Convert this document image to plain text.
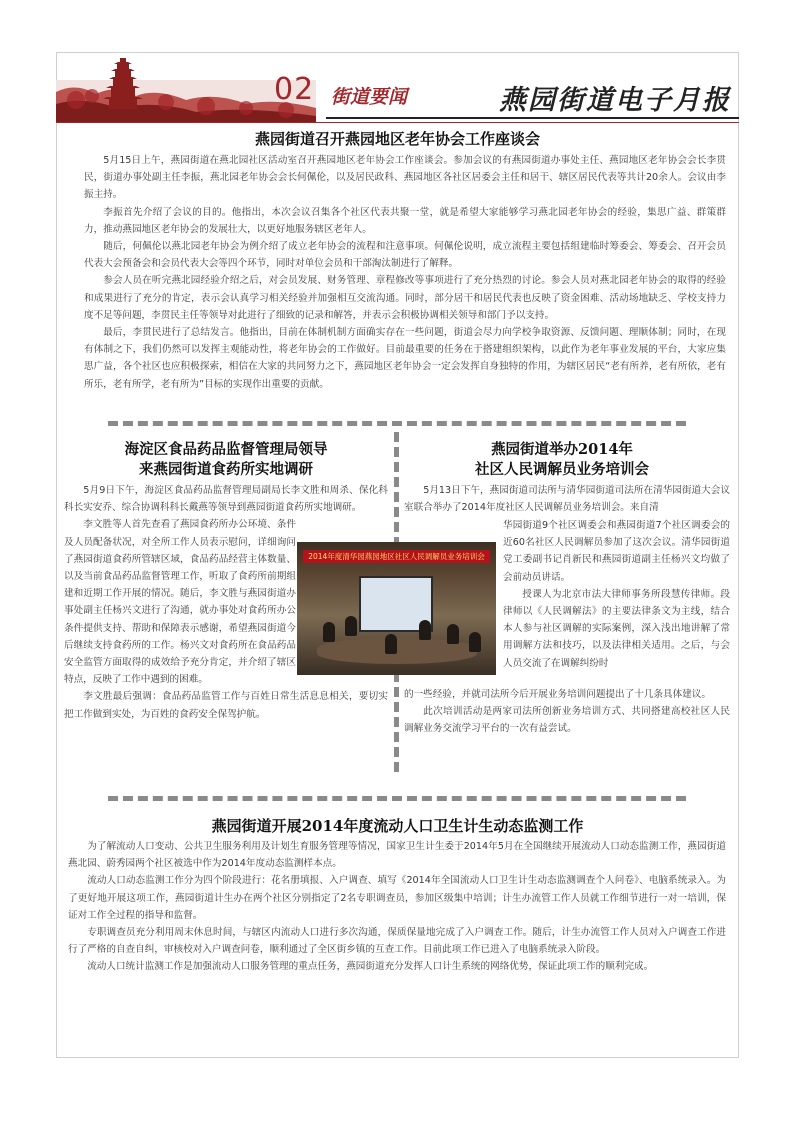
02 街道要闻	燕园街道电子月报
燕园街道召开燕园地区老年协会工作座谈会

5月15日上午，燕园街道在燕北园社区活动室召开燕园地区老年协会工作座谈会。参加会议的有燕园街道办事处主任、燕园地区老年协会会长李贯民，街道办事处副主任李振，燕北园老年协会会长何佩伦，以及居民政科、燕园地区各社区居委会主任和居干、辖区居民代表等共计20余人。会议由李振主持。

李振首先介绍了会议的目的。他指出，本次会议召集各个社区代表共聚一堂，就是希望大家能够学习燕北园老年协会的经验，集思广益、群策群力，推动燕园地区老年协会的发展壮大，以更好地服务辖区老年人。

随后，何佩伦以燕北园老年协会为例介绍了成立老年协会的流程和注意事项。何佩伦说明，成立流程主要包括组建临时筹委会、筹委会、召开会员代表大会预备会和会员代表大会等四个环节，同时对单位会员和干部淘汰制进行了解释。

参会人员在听完燕北园经验介绍之后，对会员发展、财务管理、章程修改等事项进行了充分热烈的讨论。参会人员对燕北园老年协会的取得的经验和成果进行了充分的肯定，表示会认真学习相关经验并加强相互交流沟通。同时，部分居干和居民代表也反映了资金困难、活动场地缺乏、学校支持力度不足等问题，李贯民主任等领导对此进行了细致的记录和解答，并表示会积极协调相关领导和部门予以支持。

最后，李贯民进行了总结发言。他指出，目前在体制机制方面确实存在一些问题，街道会尽力向学校争取资源、反馈问题、理顺体制；同时，在现有体制之下，我们仍然可以发挥主观能动性，将老年协会的工作做好。目前最重要的任务在于搭建组织架构，以此作为老年事业发展的平台，大家应集思广益，各个社区也应积极探索，相信在大家的共同努力之下，燕园地区老年协会一定会发挥自身独特的作用，为辖区居民“老有所养，老有所依，老有所乐，老有所学，老有所为”目标的实现作出重要的贡献。

海淀区食品药品监督管理局领导
来燕园街道食药所实地调研

5月9日下午，海淀区食品药品监督管理局副局长李文胜和周杀、保化科科长实安乔、综合协调科科长戴燕等领导到燕园街道食药所实地调研。

李文胜等人首先查看了燕园食药所办公环境、条件及人员配备状况，对全所工作人员表示慰问，详细询问了燕园街道食药所管辖区域，食品药品经营主体数量、以及当前食品药品监督管理工作，听取了食药所前期组建和近期工作开展的情况。随后，李文胜与燕园街道办事处副主任杨兴文进行了沟通，就办事处对食药所办公条件提供支持、帮助和保障表示感谢，希望燕园街道今后继续支持食药所的工作。杨兴文对食药所在食品药品安全监管方面取得的成效给予充分肯定，并介绍了辖区特点，反映了工作中遇到的困难。

李文胜最后强调：食品药品监管工作与百姓日常生活息息相关，要切实把工作做到实处，为百姓的食药安全保驾护航。

燕园街道举办2014年
社区人民调解员业务培训会

5月13日下午，燕园街道司法所与清华园街道司法所在清华园街道大会议室联合举办了2014年度社区人民调解员业务培训会。来自清

华园街道9个社区调委会和燕园街道7个社区调委会的近60名社区人民调解员参加了这次会议。清华园街道党工委副书记肖新民和燕园街道副主任杨兴文均做了会前动员讲话。

授课人为北京市法大律师事务所段慧传律师。段律师以《人民调解法》的主要法律条文为主线，结合本人参与社区调解的实际案例，深入浅出地讲解了常用调解方法和技巧，以及法律相关适用。之后，与会人员交流了在调解纠纷时

的一些经验，并就司法所今后开展业务培训问题提出了十几条具体建议。

此次培训活动是两家司法所创新业务培训方式、共同搭建高校社区人民调解业务交流学习平台的一次有益尝试。

2014年度清华园燕园地区社区人民调解员业务培训会
燕园街道开展2014年度流动人口卫生计生动态监测工作

为了解流动人口变动、公共卫生服务利用及计划生育服务管理等情况，国家卫生计生委于2014年5月在全国继续开展流动人口动态监测工作，燕园街道燕北园、蔚秀园两个社区被选中作为2014年度动态监测样本点。

流动人口动态监测工作分为四个阶段进行：花名册填报、入户调查、填写《2014年全国流动人口卫生计生动态监测调查个人问卷》、电脑系统录入。为了更好地开展这项工作，燕园街道计生办在两个社区分别指定了2名专职调查员，参加区级集中培训；计生办流管工作人员就工作细节进行一对一培训，保证对工作全过程的指导和监督。

专职调查员充分利用周末休息时间，与辖区内流动人口进行多次沟通，保质保量地完成了入户调查工作。随后，计生办流管工作人员对入户调查工作进行了严格的自查自纠，审核校对入户调查问卷，顺利通过了全区街乡镇的互查工作。目前此项工作已进入了电脑系统录入阶段。

流动人口统计监测工作是加强流动人口服务管理的重点任务，燕园街道充分发挥人口计生系统的网络优势，保证此项工作的顺利完成。
